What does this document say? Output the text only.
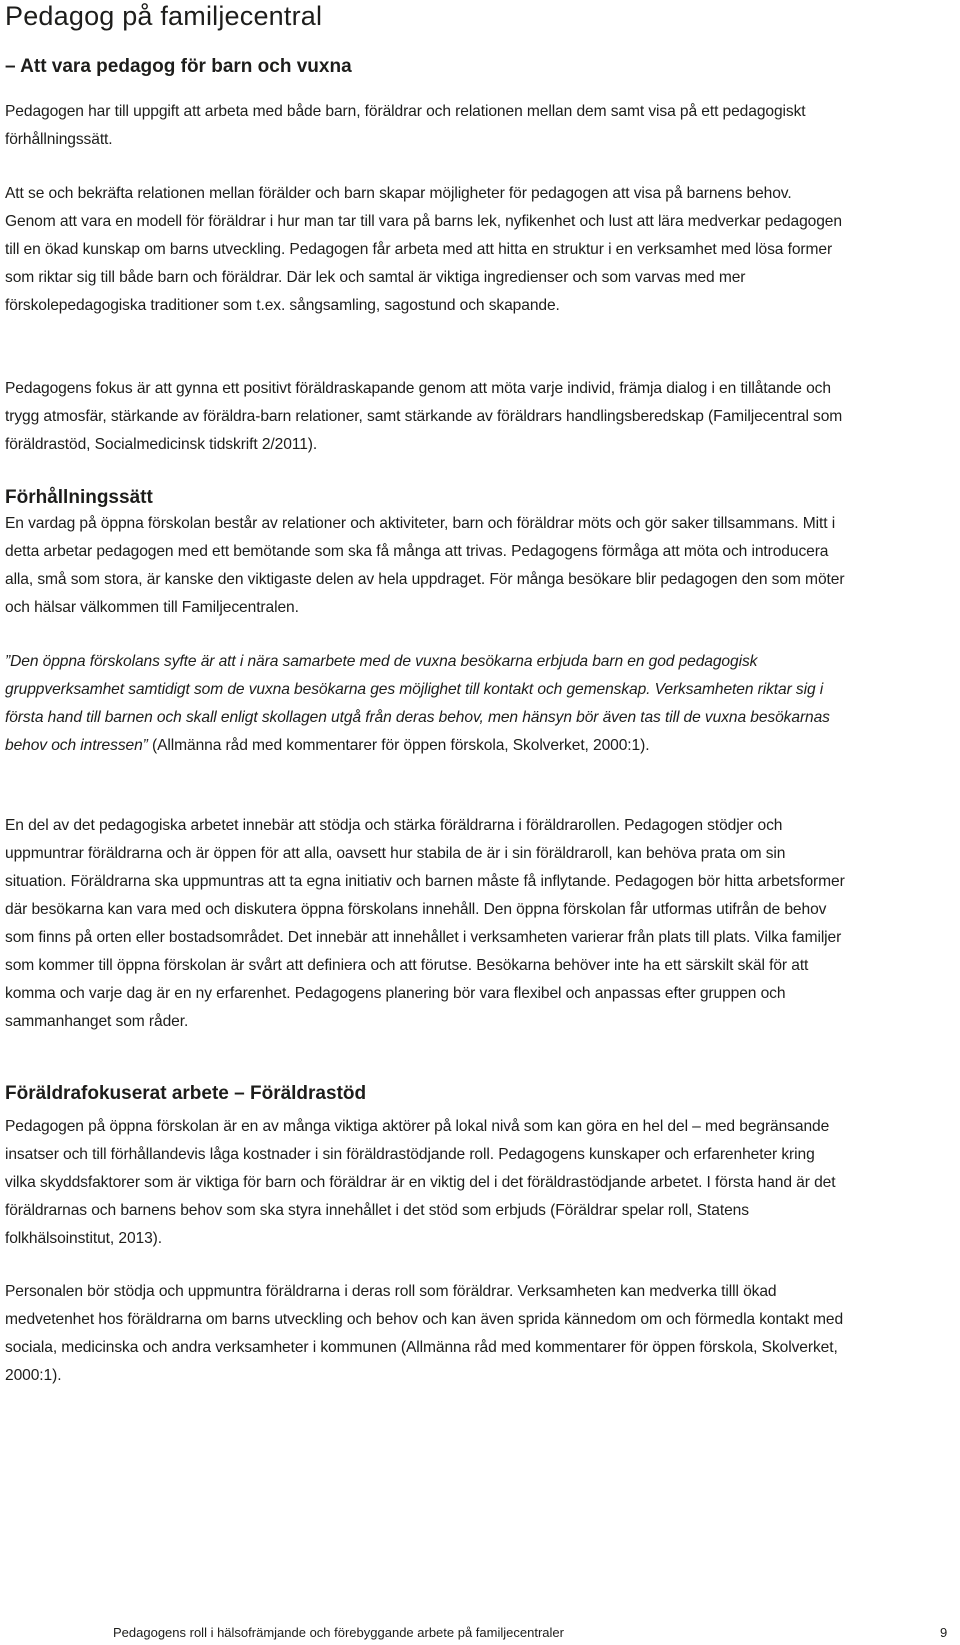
Pedagog på familjecentral
– Att vara pedagog för barn och vuxna

Pedagogen har till uppgift att arbeta med både barn, föräldrar och relationen mellan dem samt visa på ett pedagogiskt förhållningssätt.

Att se och bekräfta relationen mellan förälder och barn skapar möjligheter för pedagogen att visa på barnens behov. Genom att vara en modell för föräldrar i hur man tar till vara på barns lek, nyfikenhet och lust att lära medverkar pedagogen till en ökad kunskap om barns utveckling. Pedagogen får arbeta med att hitta en struktur i en verksamhet med lösa former som riktar sig till både barn och föräldrar. Där lek och samtal är viktiga ingredienser och som varvas med mer förskolepedagogiska traditioner som t.ex. sångsamling, sagostund och skapande.

Pedagogens fokus är att gynna ett positivt föräldraskapande genom att möta varje individ, främja dialog i en tillåtande och trygg atmosfär, stärkande av föräldra-barn relationer, samt stärkande av föräldrars handlingsberedskap (Familjecentral som föräldrastöd, Socialmedicinsk tidskrift 2/2011).

Förhållningssätt

En vardag på öppna förskolan består av relationer och aktiviteter, barn och föräldrar möts och gör saker tillsammans. Mitt i detta arbetar pedagogen med ett bemötande som ska få många att trivas. Pedagogens förmåga att möta och introducera alla, små som stora, är kanske den viktigaste delen av hela uppdraget. För många besökare blir pedagogen den som möter och hälsar välkommen till Familjecentralen.

”Den öppna förskolans syfte är att i nära samarbete med de vuxna besökarna erbjuda barn en god pedagogisk gruppverksamhet samtidigt som de vuxna besökarna ges möjlighet till kontakt och gemenskap. Verksamheten riktar sig i första hand till barnen och skall enligt skollagen utgå från deras behov, men hänsyn bör även tas till de vuxna besökarnas behov och intressen” (Allmänna råd med kommentarer för öppen förskola, Skolverket, 2000:1).

En del av det pedagogiska arbetet innebär att stödja och stärka föräldrarna i föräldrarollen. Pedagogen stödjer och uppmuntrar föräldrarna och är öppen för att alla, oavsett hur stabila de är i sin föräldraroll, kan behöva prata om sin situation. Föräldrarna ska uppmuntras att ta egna initiativ och barnen måste få inflytande. Pedagogen bör hitta arbetsformer där besökarna kan vara med och diskutera öppna förskolans innehåll. Den öppna förskolan får utformas utifrån de behov som finns på orten eller bostadsområdet. Det innebär att innehållet i verksamheten varierar från plats till plats. Vilka familjer som kommer till öppna förskolan är svårt att definiera och att förutse. Besökarna behöver inte ha ett särskilt skäl för att komma och varje dag är en ny erfarenhet. Pedagogens planering bör vara flexibel och anpassas efter gruppen och sammanhanget som råder.

Föräldrafokuserat arbete – Föräldrastöd

Pedagogen på öppna förskolan är en av många viktiga aktörer på lokal nivå som kan göra en hel del – med begränsande insatser och till förhållandevis låga kostnader i sin föräldrastödjande roll. Pedagogens kunskaper och erfarenheter kring vilka skyddsfaktorer som är viktiga för barn och föräldrar är en viktig del i det föräldrastödjande arbetet. I första hand är det föräldrarnas och barnens behov som ska styra innehållet i det stöd som erbjuds (Föräldrar spelar roll, Statens folkhälsoinstitut, 2013).

Personalen bör stödja och uppmuntra föräldrarna i deras roll som föräldrar. Verksamheten kan medverka tilll ökad medvetenhet hos föräldrarna om barns utveckling och behov och kan även sprida kännedom om och förmedla kontakt med sociala, medicinska och andra verksamheter i kommunen (Allmänna råd med kommentarer för öppen förskola, Skolverket, 2000:1).

Pedagogens roll i hälsofrämjande och förebyggande arbete på familjecentraler	9
